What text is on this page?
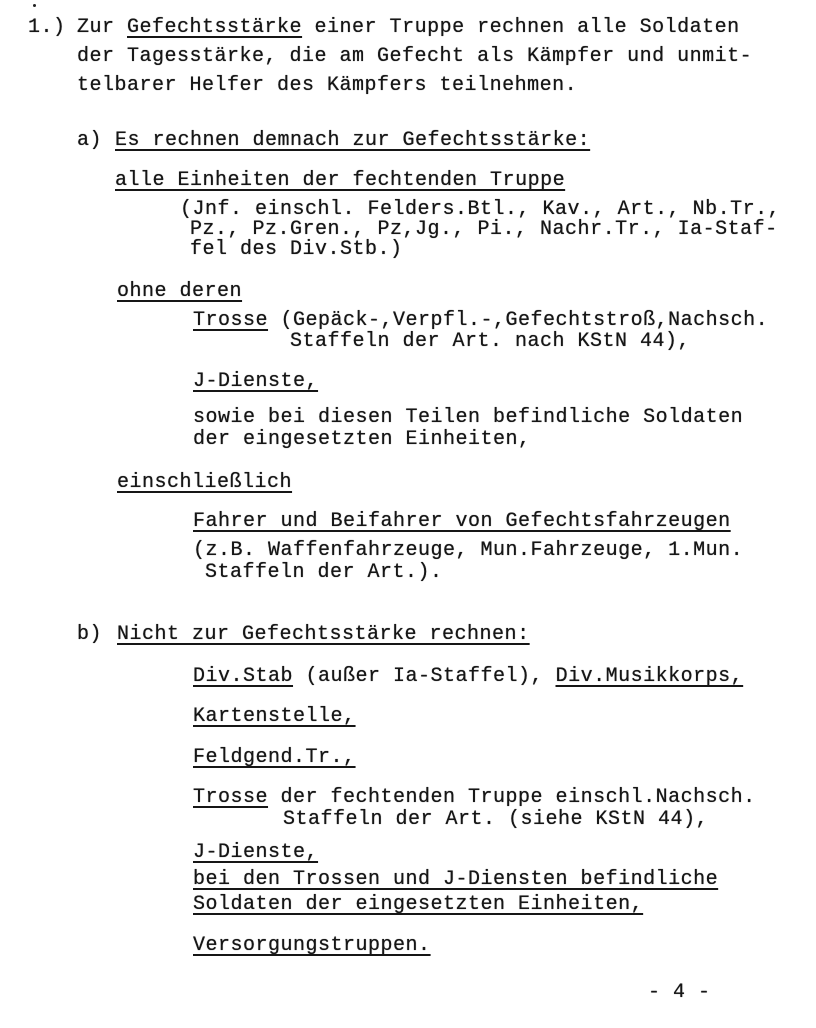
1.) Zur Gefechtsstärke einer Truppe rechnen alle Soldaten
der Tagesstärke, die am Gefecht als Kämpfer und unmit-
telbarer Helfer des Kämpfers teilnehmen.
a) Es rechnen demnach zur Gefechtsstärke:
alle Einheiten der fechtenden Truppe
(Jnf. einschl. Felders.Btl., Kav., Art., Nb.Tr.,
Pz., Pz.Gren., Pz,Jg., Pi., Nachr.Tr., Ia-Staf-
fel des Div.Stb.)
ohne deren
Trosse (Gepäck-,Verpfl.-,Gefechtstroß,Nachsch.
Staffeln der Art. nach KStN 44),
J-Dienste,
sowie bei diesen Teilen befindliche Soldaten
der eingesetzten Einheiten,
einschließlich
Fahrer und Beifahrer von Gefechtsfahrzeugen
(z.B. Waffenfahrzeuge, Mun.Fahrzeuge, 1.Mun.
Staffeln der Art.).
b) Nicht zur Gefechtsstärke rechnen:
Div.Stab (außer Ia-Staffel), Div.Musikkorps,
Kartenstelle,
Feldgend.Tr.,
Trosse der fechtenden Truppe einschl.Nachsch.
Staffeln der Art. (siehe KStN 44),
J-Dienste,
bei den Trossen und J-Diensten befindliche
Soldaten der eingesetzten Einheiten,
Versorgungstruppen.
- 4 -
